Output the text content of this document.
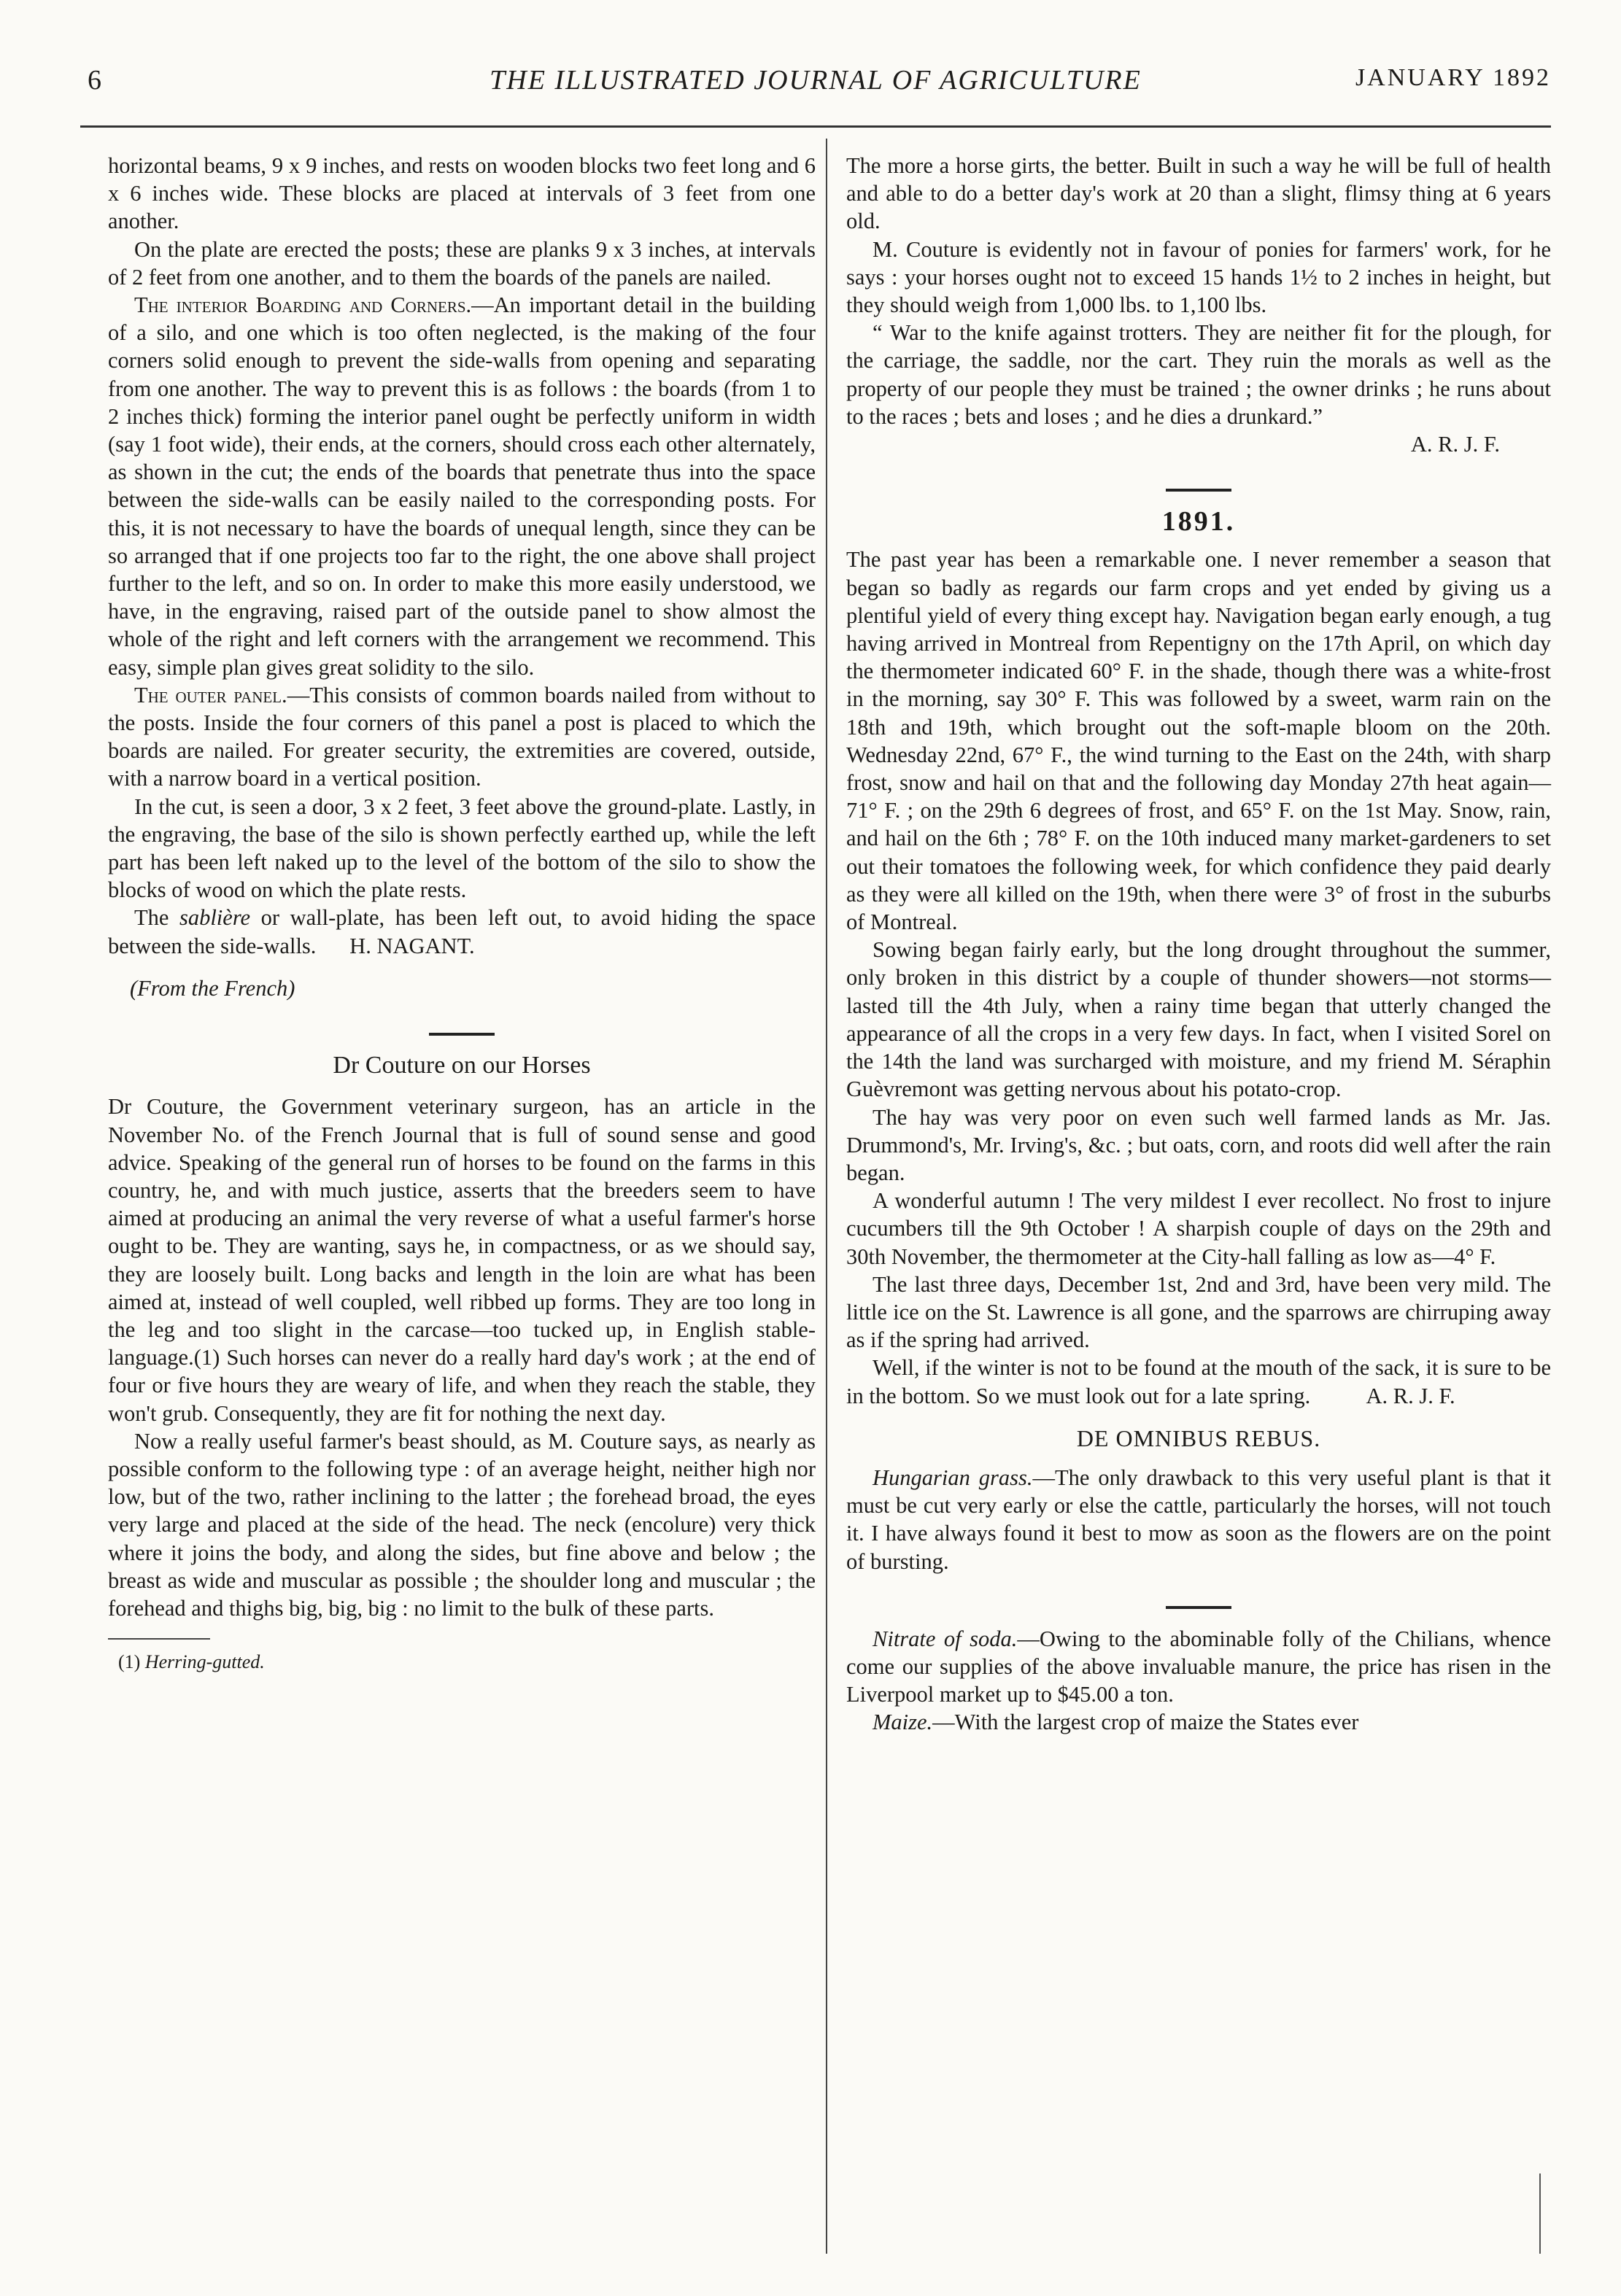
6	THE ILLUSTRATED JOURNAL OF AGRICULTURE	JANUARY 1892

horizontal beams, 9 x 9 inches, and rests on wooden blocks two feet long and 6 x 6 inches wide. These blocks are placed at intervals of 3 feet from one another.

On the plate are erected the posts; these are planks 9 x 3 inches, at intervals of 2 feet from one another, and to them the boards of the panels are nailed.

The interior Boarding and Corners.—An important detail in the building of a silo, and one which is too often neglected, is the making of the four corners solid enough to prevent the side-walls from opening and separating from one another. The way to prevent this is as follows : the boards (from 1 to 2 inches thick) forming the interior panel ought be perfectly uniform in width (say 1 foot wide), their ends, at the corners, should cross each other alternately, as shown in the cut; the ends of the boards that penetrate thus into the space between the side-walls can be easily nailed to the corresponding posts. For this, it is not necessary to have the boards of unequal length, since they can be so arranged that if one projects too far to the right, the one above shall project further to the left, and so on. In order to make this more easily understood, we have, in the engraving, raised part of the outside panel to show almost the whole of the right and left corners with the arrangement we recommend. This easy, simple plan gives great solidity to the silo.

The outer panel.—This consists of common boards nailed from without to the posts. Inside the four corners of this panel a post is placed to which the boards are nailed. For greater security, the extremities are covered, outside, with a narrow board in a vertical position.

In the cut, is seen a door, 3 x 2 feet, 3 feet above the ground-plate. Lastly, in the engraving, the base of the silo is shown perfectly earthed up, while the left part has been left naked up to the level of the bottom of the silo to show the blocks of wood on which the plate rests.

The sablière or wall-plate, has been left out, to avoid hiding the space between the side-walls. H. NAGANT.

(From the French)
Dr Couture on our Horses

Dr Couture, the Government veterinary surgeon, has an article in the November No. of the French Journal that is full of sound sense and good advice. Speaking of the general run of horses to be found on the farms in this country, he, and with much justice, asserts that the breeders seem to have aimed at producing an animal the very reverse of what a useful farmer's horse ought to be. They are wanting, says he, in compactness, or as we should say, they are loosely built. Long backs and length in the loin are what has been aimed at, instead of well coupled, well ribbed up forms. They are too long in the leg and too slight in the carcase—too tucked up, in English stable-language.(1) Such horses can never do a really hard day's work ; at the end of four or five hours they are weary of life, and when they reach the stable, they won't grub. Consequently, they are fit for nothing the next day.

Now a really useful farmer's beast should, as M. Couture says, as nearly as possible conform to the following type : of an average height, neither high nor low, but of the two, rather inclining to the latter ; the forehead broad, the eyes very large and placed at the side of the head. The neck (encolure) very thick where it joins the body, and along the sides, but fine above and below ; the breast as wide and muscular as possible ; the shoulder long and muscular ; the forehead and thighs big, big, big : no limit to the bulk of these parts.

(1) Herring-gutted.

The more a horse girts, the better. Built in such a way he will be full of health and able to do a better day's work at 20 than a slight, flimsy thing at 6 years old.

M. Couture is evidently not in favour of ponies for farmers' work, for he says : your horses ought not to exceed 15 hands 1½ to 2 inches in height, but they should weigh from 1,000 lbs. to 1,100 lbs.

“ War to the knife against trotters. They are neither fit for the plough, for the carriage, the saddle, nor the cart. They ruin the morals as well as the property of our people they must be trained ; the owner drinks ; he runs about to the races ; bets and loses ; and he dies a drunkard.”

A. R. J. F.
1891.

The past year has been a remarkable one. I never remember a season that began so badly as regards our farm crops and yet ended by giving us a plentiful yield of every thing except hay. Navigation began early enough, a tug having arrived in Montreal from Repentigny on the 17th April, on which day the thermometer indicated 60° F. in the shade, though there was a white-frost in the morning, say 30° F. This was followed by a sweet, warm rain on the 18th and 19th, which brought out the soft-maple bloom on the 20th. Wednesday 22nd, 67° F., the wind turning to the East on the 24th, with sharp frost, snow and hail on that and the following day Monday 27th heat again—71° F. ; on the 29th 6 degrees of frost, and 65° F. on the 1st May. Snow, rain, and hail on the 6th ; 78° F. on the 10th induced many market-gardeners to set out their tomatoes the following week, for which confidence they paid dearly as they were all killed on the 19th, when there were 3° of frost in the suburbs of Montreal.

Sowing began fairly early, but the long drought throughout the summer, only broken in this district by a couple of thunder showers—not storms—lasted till the 4th July, when a rainy time began that utterly changed the appearance of all the crops in a very few days. In fact, when I visited Sorel on the 14th the land was surcharged with moisture, and my friend M. Séraphin Guèvremont was getting nervous about his potato-crop.

The hay was very poor on even such well farmed lands as Mr. Jas. Drummond's, Mr. Irving's, &c. ; but oats, corn, and roots did well after the rain began.

A wonderful autumn ! The very mildest I ever recollect. No frost to injure cucumbers till the 9th October ! A sharpish couple of days on the 29th and 30th November, the thermometer at the City-hall falling as low as—4° F.

The last three days, December 1st, 2nd and 3rd, have been very mild. The little ice on the St. Lawrence is all gone, and the sparrows are chirruping away as if the spring had arrived.

Well, if the winter is not to be found at the mouth of the sack, it is sure to be in the bottom. So we must look out for a late spring.	A. R. J. F.

DE OMNIBUS REBUS.

Hungarian grass.—The only drawback to this very useful plant is that it must be cut very early or else the cattle, particularly the horses, will not touch it. I have always found it best to mow as soon as the flowers are on the point of bursting.

Nitrate of soda.—Owing to the abominable folly of the Chilians, whence come our supplies of the above invaluable manure, the price has risen in the Liverpool market up to $45.00 a ton.

Maize.—With the largest crop of maize the States ever
